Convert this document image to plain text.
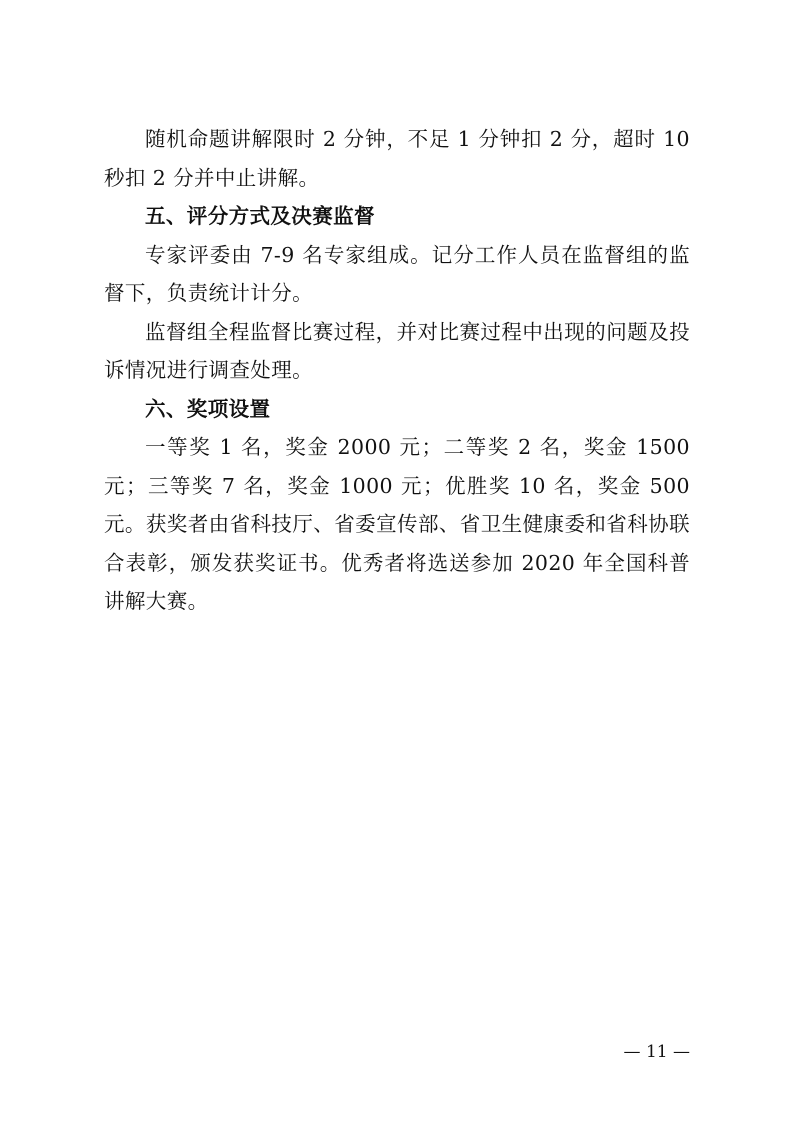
随机命题讲解限时 2 分钟，不足 1 分钟扣 2 分，超时 10 秒扣 2 分并中止讲解。

五、评分方式及决赛监督

专家评委由 7-9 名专家组成。记分工作人员在监督组的监督下，负责统计计分。

监督组全程监督比赛过程，并对比赛过程中出现的问题及投诉情况进行调查处理。

六、奖项设置

一等奖 1 名，奖金 2000 元；二等奖 2 名，奖金 1500 元；三等奖 7 名，奖金 1000 元；优胜奖 10 名，奖金 500 元。获奖者由省科技厅、省委宣传部、省卫生健康委和省科协联合表彰，颁发获奖证书。优秀者将选送参加 2020 年全国科普讲解大赛。

— 11 —
